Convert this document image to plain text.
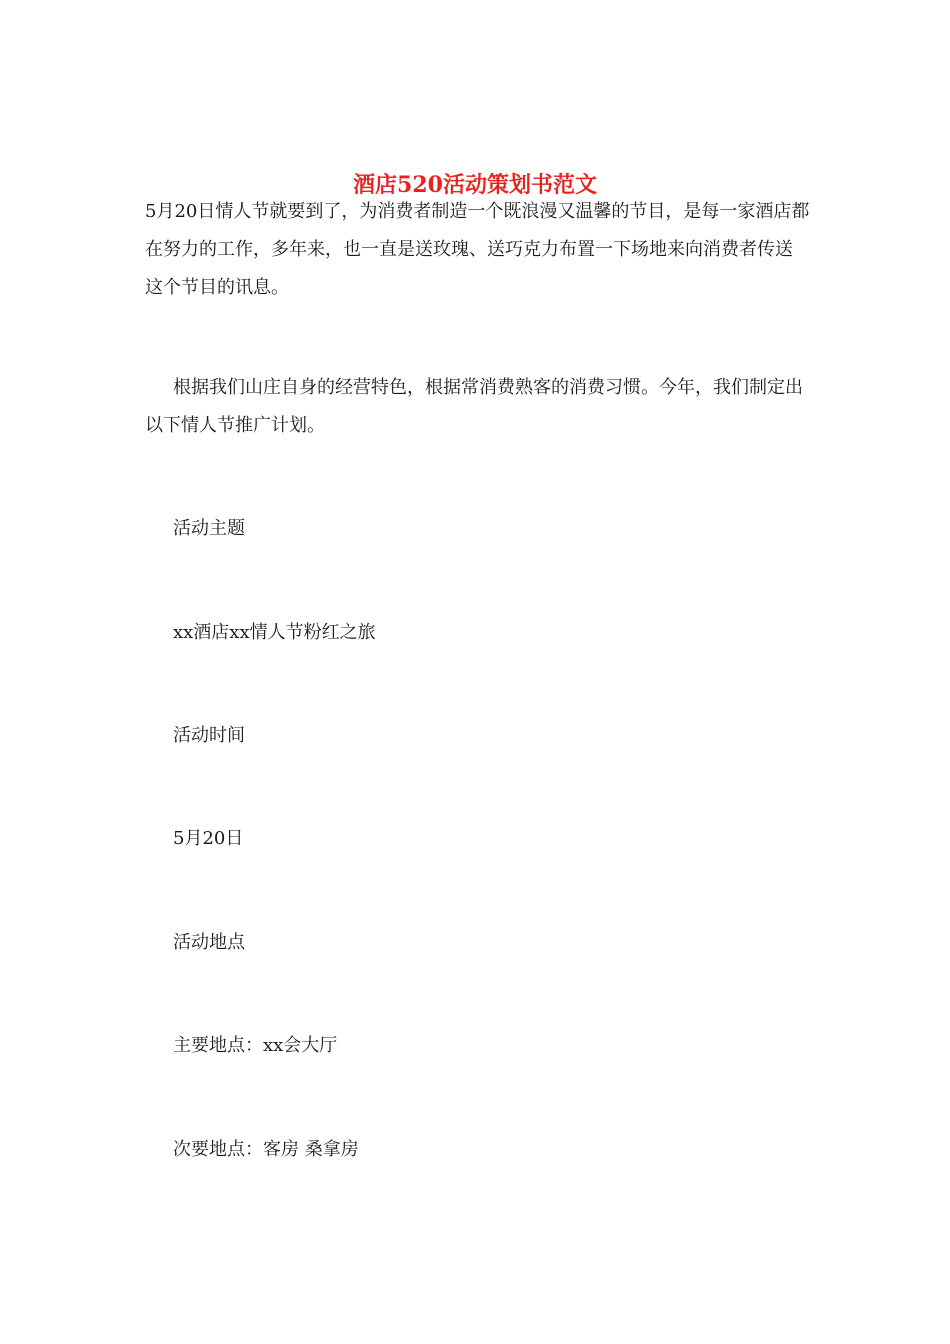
酒店520活动策划书范文

5月20日情人节就要到了，为消费者制造一个既浪漫又温馨的节目，是每一家酒店都在努力的工作，多年来，也一直是送玫瑰、送巧克力布置一下场地来向消费者传送这个节目的讯息。

根据我们山庄自身的经营特色，根据常消费熟客的消费习惯。今年，我们制定出以下情人节推广计划。

活动主题

xx酒店xx情人节粉红之旅

活动时间

5月20日

活动地点

主要地点：xx会大厅

次要地点：客房 桑拿房
